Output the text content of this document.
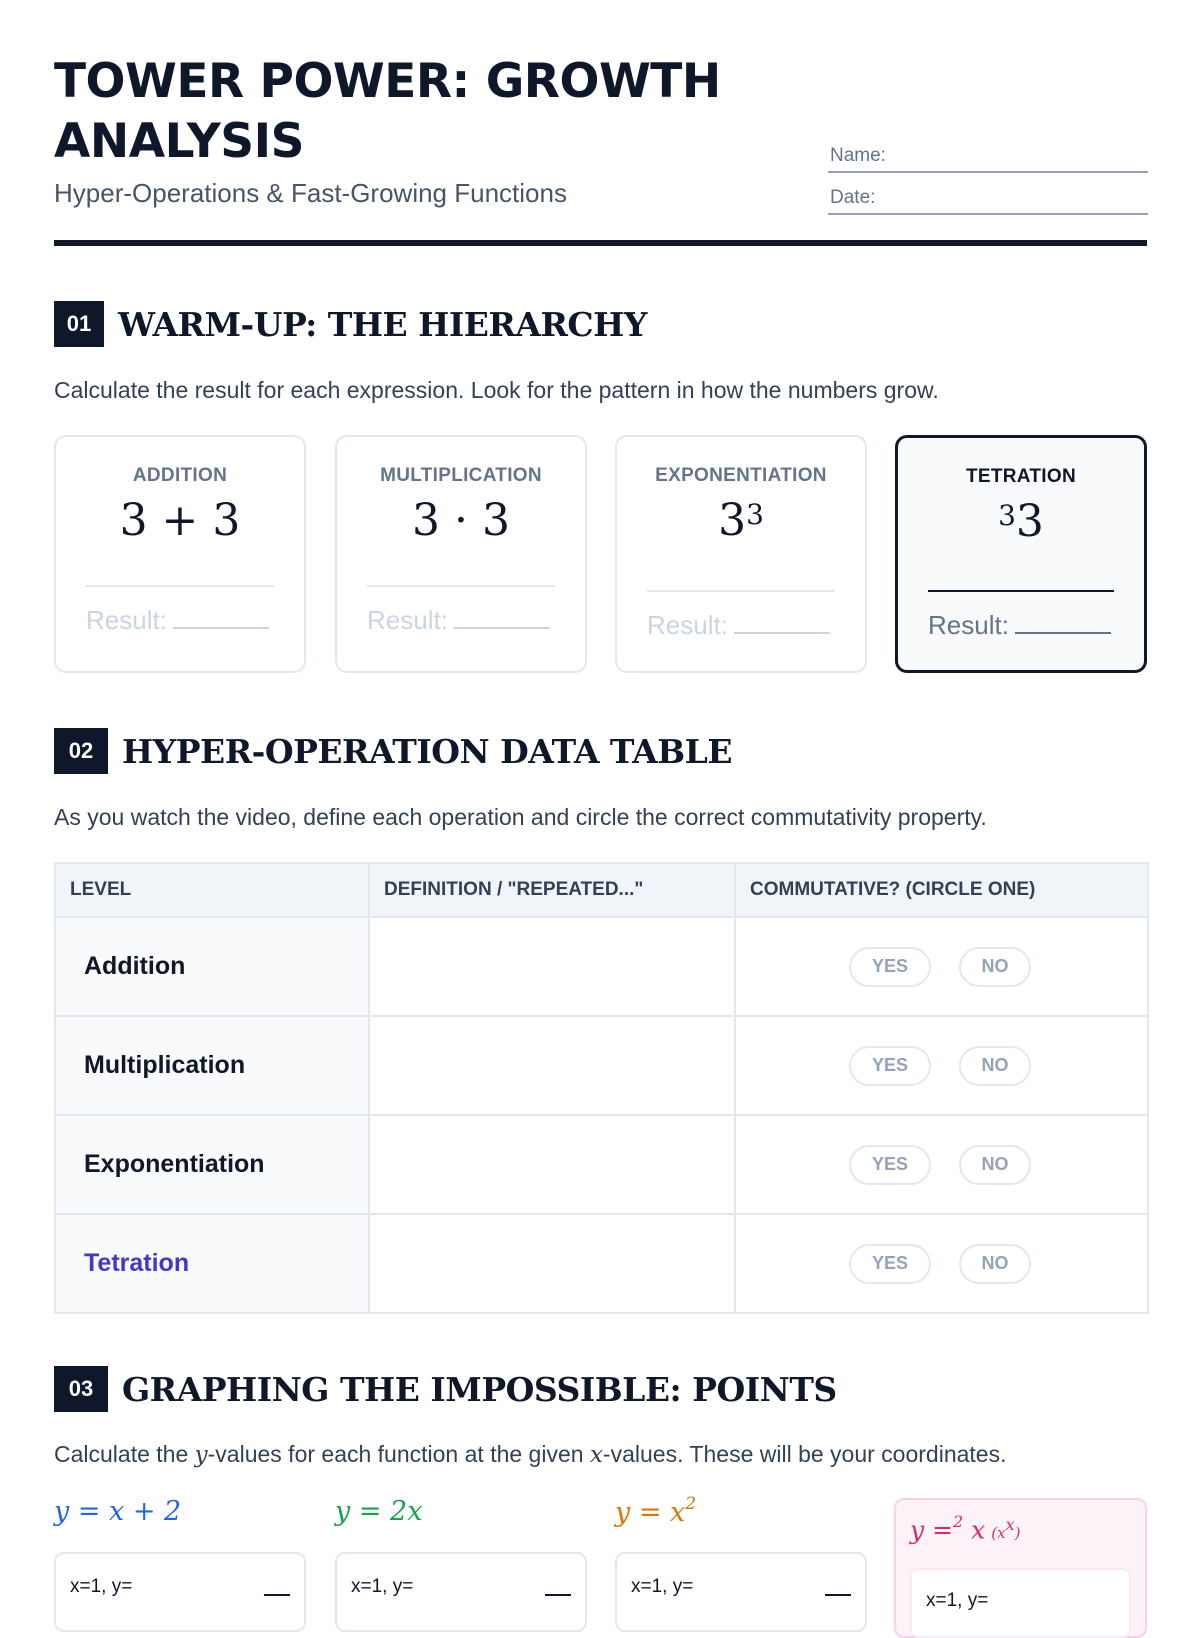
TOWER POWER: GROWTH ANALYSIS
Hyper-Operations & Fast-Growing Functions
Name:
Date:
01 WARM-UP: THE HIERARCHY
Calculate the result for each expression. Look for the pattern in how the numbers grow.
ADDITION
3 + 3
Result:
MULTIPLICATION
3 · 3
Result:
EXPONENTIATION
$3^3$
Result:
TETRATION
$^3$3
Result:
02 HYPER-OPERATION DATA TABLE
As you watch the video, define each operation and circle the correct commutativity property.
LEVEL	DEFINITION / "REPEATED..."	COMMUTATIVE? (CIRCLE ONE)
Addition		YES NO
Multiplication		YES NO
Exponentiation		YES NO
Tetration		YES NO
03 GRAPHING THE IMPOSSIBLE: POINTS
Calculate the y-values for each function at the given x-values. These will be your coordinates.
y = x + 2
x=1, y=
y = 2x
x=1, y=
$y = x^2$
x=1, y=
y =$^2$ x $(x^x)$
x=1, y=
